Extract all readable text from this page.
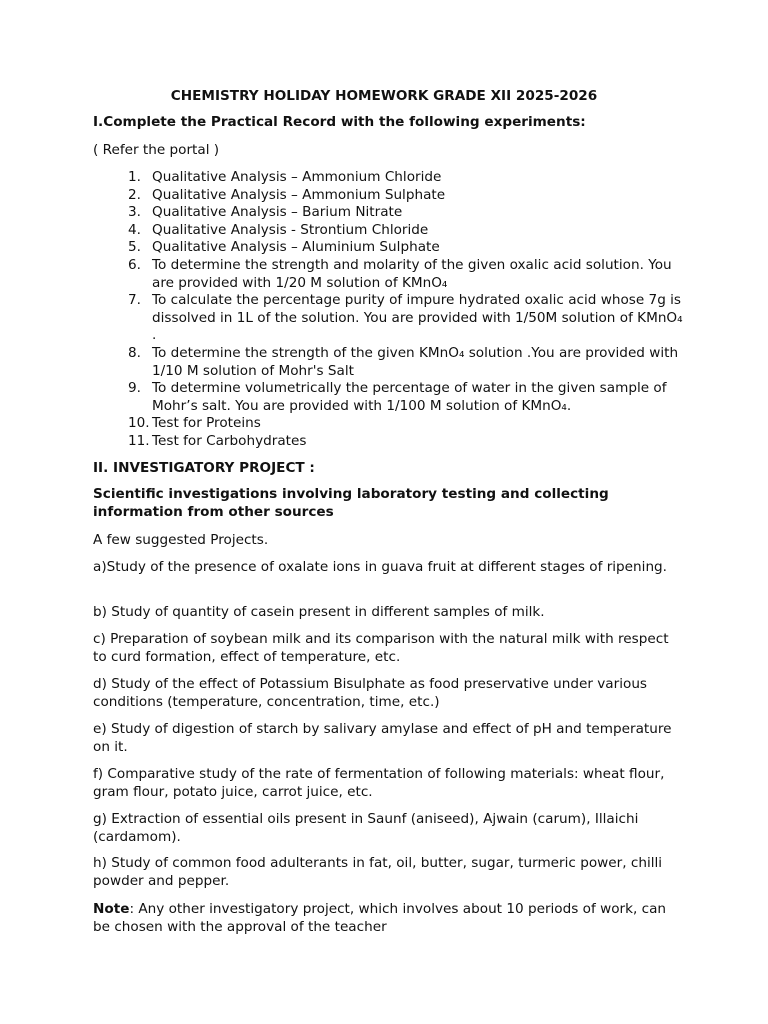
CHEMISTRY HOLIDAY HOMEWORK GRADE XII 2025-2026
I.Complete the Practical Record with the following experiments:
( Refer the portal )
1. Qualitative Analysis – Ammonium Chloride
2. Qualitative Analysis – Ammonium Sulphate
3. Qualitative Analysis – Barium Nitrate
4. Qualitative Analysis - Strontium Chloride
5. Qualitative Analysis – Aluminium Sulphate
6. To determine the strength and molarity of the given oxalic acid solution. You are provided with 1/20 M solution of KMnO₄
7. To calculate the percentage purity of impure hydrated oxalic acid whose 7g is dissolved in 1L of the solution. You are provided with 1/50M solution of KMnO₄ .
8. To determine the strength of the given KMnO₄ solution .You are provided with 1/10 M solution of Mohr's Salt
9. To determine volumetrically the percentage of water in the given sample of Mohr’s salt. You are provided with 1/100 M solution of KMnO₄.
10. Test for Proteins
11. Test for Carbohydrates
II. INVESTIGATORY PROJECT :
Scientific investigations involving laboratory testing and collecting information from other sources
A few suggested Projects.
a)Study of the presence of oxalate ions in guava fruit at different stages of ripening.
b) Study of quantity of casein present in different samples of milk.
c) Preparation of soybean milk and its comparison with the natural milk with respect to curd formation, effect of temperature, etc.
d) Study of the effect of Potassium Bisulphate as food preservative under various conditions (temperature, concentration, time, etc.)
e) Study of digestion of starch by salivary amylase and effect of pH and temperature on it.
f) Comparative study of the rate of fermentation of following materials: wheat flour, gram flour, potato juice, carrot juice, etc.
g) Extraction of essential oils present in Saunf (aniseed), Ajwain (carum), Illaichi (cardamom).
h) Study of common food adulterants in fat, oil, butter, sugar, turmeric power, chilli powder and pepper.
Note: Any other investigatory project, which involves about 10 periods of work, can be chosen with the approval of the teacher
